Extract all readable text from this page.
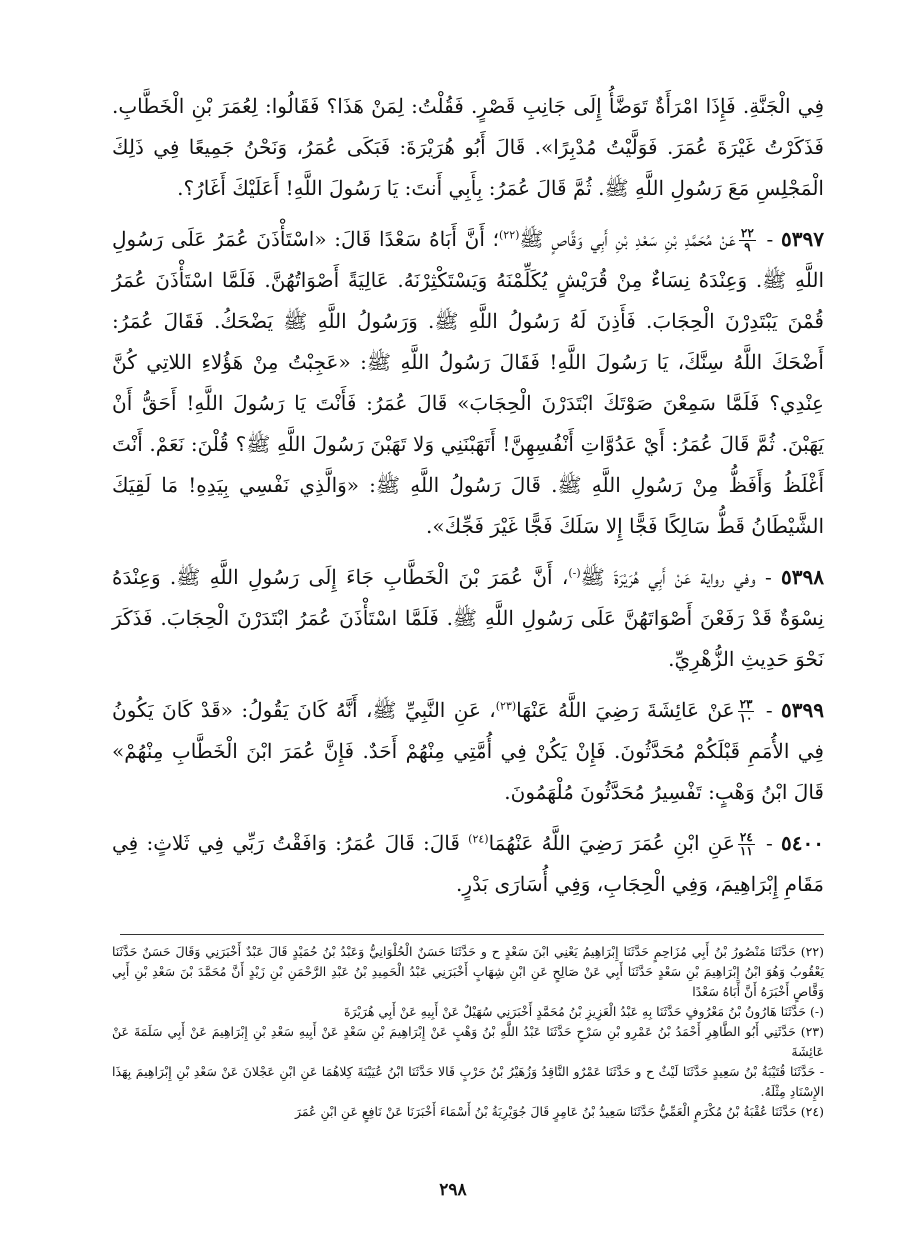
فِي الْجَنَّةِ. فَإِذَا امْرَأَةٌ تَوَضَّأُ إِلَى جَانِبِ قَصْرٍ. فَقُلْتُ: لِمَنْ هَذَا؟ فَقَالُوا: لِعُمَرَ بْنِ الْخَطَّابِ. فَذَكَرْتُ غَيْرَةَ عُمَرَ. فَوَلَّيْتُ مُدْبِرًا». قَالَ أَبُو هُرَيْرَةَ: فَبَكَى عُمَرُ، وَنَحْنُ جَمِيعًا فِي ذَلِكَ الْمَجْلِسِ مَعَ رَسُولِ اللَّهِ ﷺ. ثُمَّ قَالَ عُمَرُ: بِأَبِي أَنتَ: يَا رَسُولَ اللَّهِ! أَعَلَيْكَ أَغَارُ؟.

٥٣٩٧ -
$\frac{٢٢}{٩}$
عَنْ مُحَمَّدِ بْنِ سَعْدِ بْنِ أَبِي وَقَّاصٍ ﷺ$^{(٢٢)}$؛ أَنَّ أَبَاهُ سَعْدًا قَالَ: «اسْتَأْذَنَ عُمَرُ عَلَى رَسُولِ اللَّهِ ﷺ. وَعِنْدَهُ نِسَاءٌ مِنْ قُرَيْشٍ يُكَلِّمْنَهُ وَيَسْتَكْثِرْنَهُ. عَالِيَةً أَصْوَاتُهُنَّ. فَلَمَّا اسْتَأْذَنَ عُمَرُ قُمْنَ يَبْتَدِرْنَ الْحِجَابَ. فَأَذِنَ لَهُ رَسُولُ اللَّهِ ﷺ. وَرَسُولُ اللَّهِ ﷺ يَضْحَكُ. فَقَالَ عُمَرُ: أَضْحَكَ اللَّهُ سِنَّكَ، يَا رَسُولَ اللَّهِ! فَقَالَ رَسُولُ اللَّهِ ﷺ: «عَجِبْتُ مِنْ هَؤُلاءِ اللاتِي كُنَّ عِنْدِي؟ فَلَمَّا سَمِعْنَ صَوْتَكَ ابْتَدَرْنَ الْحِجَابَ» قَالَ عُمَرُ: فَأَنْتَ يَا رَسُولَ اللَّهِ! أَحَقُّ أَنْ يَهَبْنَ. ثُمَّ قَالَ عُمَرُ: أَيْ عَدُوَّاتِ أَنْفُسِهِنَّ! أَتَهَبْنَنِي وَلا تَهَبْنَ رَسُولَ اللَّهِ ﷺ؟ قُلْنَ: نَعَمْ. أَنْتَ أَغْلَظُ وَأَفَظُّ مِنْ رَسُولِ اللَّهِ ﷺ. قَالَ رَسُولُ اللَّهِ ﷺ: «وَالَّذِي نَفْسِي بِيَدِهِ! مَا لَقِيَكَ الشَّيْطَانُ قَطُّ سَالِكًا فَجًّا إِلا سَلَكَ فَجًّا غَيْرَ فَجِّكَ».

٥٣٩٨ - وفي رواية عَنْ أَبِي هُرَيْرَةَ ﷺ(-)، أَنَّ عُمَرَ بْنَ الْخَطَّابِ جَاءَ إِلَى رَسُولِ اللَّهِ ﷺ. وَعِنْدَهُ نِسْوَةٌ قَدْ رَفَعْنَ أَصْوَاتَهُنَّ عَلَى رَسُولِ اللَّهِ ﷺ. فَلَمَّا اسْتَأْذَنَ عُمَرُ ابْتَدَرْنَ الْحِجَابَ. فَذَكَرَ نَحْوَ حَدِيثِ الزُّهْرِيِّ.

٥٣٩٩ -
$\frac{٢٣}{١٠}$
عَنْ عَائِشَةَ رَضِيَ اللَّهُ عَنْهَا$^{(٢٣)}$، عَنِ النَّبِيِّ ﷺ، أَنَّهُ كَانَ يَقُولُ: «قَدْ كَانَ يَكُونُ فِي الأُمَمِ قَبْلَكُمْ مُحَدَّثُونَ. فَإِنْ يَكُنْ فِي أُمَّتِي مِنْهُمْ أَحَدٌ. فَإِنَّ عُمَرَ ابْنَ الْخَطَّابِ مِنْهُمْ» قَالَ ابْنُ وَهْبٍ: تَفْسِيرُ مُحَدَّثُونَ مُلْهَمُونَ.

٥٤٠٠ -
$\frac{٢٤}{١١}$
عَنِ ابْنِ عُمَرَ رَضِيَ اللَّهُ عَنْهُمَا$^{(٢٤)}$ قَالَ: قَالَ عُمَرُ: وَافَقْتُ رَبِّي فِي ثَلاثٍ: فِي مَقَامِ إِبْرَاهِيمَ، وَفِي الْحِجَابِ، وَفِي أُسَارَى بَدْرٍ.

(٢٢) حَدَّثَنَا مَنْصُورُ بْنُ أَبِي مُزَاحِمٍ حَدَّثَنَا إِبْرَاهِيمُ يَعْنِي ابْنَ سَعْدٍ ح و حَدَّثَنَا حَسَنٌ الْحُلْوَانِيُّ وَعَبْدُ بْنُ حُمَيْدٍ قَالَ عَبْدٌ أَخْبَرَنِي وَقَالَ حَسَنٌ حَدَّثَنَا يَعْقُوبُ وَهُوَ ابْنُ إِبْرَاهِيمَ بْنِ سَعْدٍ حَدَّثَنَا أَبِي عَنْ صَالِحٍ عَنِ ابْنِ شِهَابٍ أَخْبَرَنِي عَبْدُ الْحَمِيدِ بْنُ عَبْدِ الرَّحْمَنِ بْنِ زَيْدٍ أَنَّ مُحَمَّدَ بْنَ سَعْدِ بْنِ أَبِي وَقَّاصٍ أَخْبَرَهُ أَنَّ أَبَاهُ سَعْدًا

(-) حَدَّثَنَا هَارُونُ بْنُ مَعْرُوفٍ حَدَّثَنَا بِهِ عَبْدُ الْعَزِيزِ بْنُ مُحَمَّدٍ أَخْبَرَنِي سُهَيْلٌ عَنْ أَبِيهِ عَنْ أَبِي هُرَيْرَةَ

(٢٣) حَدَّثَنِي أَبُو الطَّاهِرِ أَحْمَدُ بْنُ عَمْرِو بْنِ سَرْحٍ حَدَّثَنَا عَبْدُ اللَّهِ بْنُ وَهْبٍ عَنْ إِبْرَاهِيمَ بْنِ سَعْدٍ عَنْ أَبِيهِ سَعْدِ بْنِ إِبْرَاهِيمَ عَنْ أَبِي سَلَمَةَ عَنْ عَائِشَةَ

- حَدَّثَنَا قُتَيْبَةُ بْنُ سَعِيدٍ حَدَّثَنَا لَيْثٌ ح و حَدَّثَنَا عَمْرٌو النَّاقِدُ وَزُهَيْرُ بْنُ حَرْبٍ قَالا حَدَّثَنَا ابْنُ عُيَيْنَةَ كِلاهُمَا عَنِ ابْنِ عَجْلانَ عَنْ سَعْدِ بْنِ إِبْرَاهِيمَ بِهَذَا الإِسْنَادِ مِثْلَهُ.

(٢٤) حَدَّثَنَا عُقْبَةُ بْنُ مُكْرَمٍ الْعَمِّيُّ حَدَّثَنَا سَعِيدُ بْنُ عَامِرٍ قَالَ جُوَيْرِيَةُ بْنُ أَسْمَاءَ أَخْبَرَنَا عَنْ نَافِعٍ عَنِ ابْنِ عُمَرَ

٢٩٨
